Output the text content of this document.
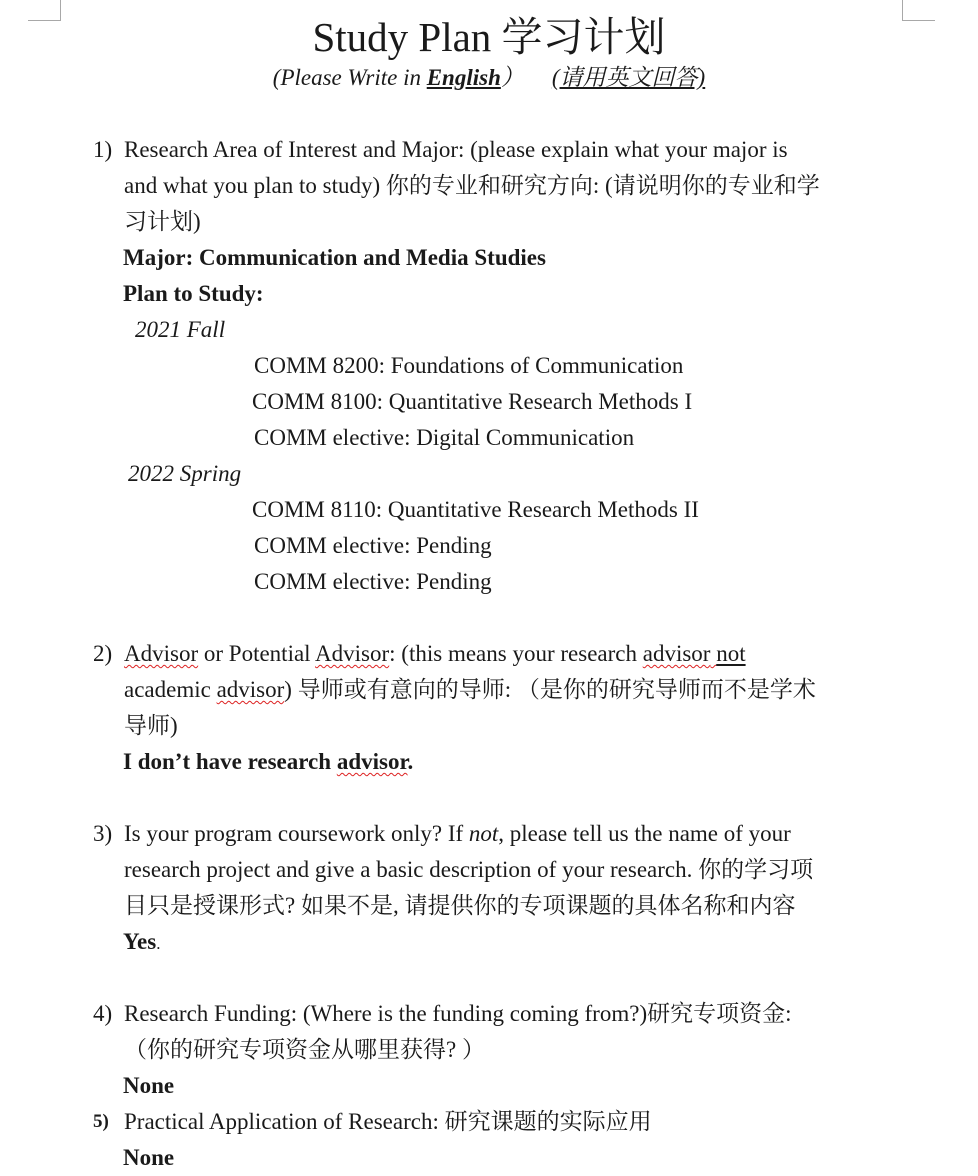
Study Plan 学习计划
(Please Write in English） (请用英文回答)
1) Research Area of Interest and Major: (please explain what your major is
and what you plan to study) 你的专业和研究方向: (请说明你的专业和学
习计划)
Major: Communication and Media Studies
Plan to Study:
2021 Fall
COMM 8200: Foundations of Communication
COMM 8100: Quantitative Research Methods I
COMM elective: Digital Communication
2022 Spring
COMM 8110: Quantitative Research Methods II
COMM elective: Pending
COMM elective: Pending
2) Advisor or Potential Advisor: (this means your research advisor not
academic advisor) 导师或有意向的导师: （是你的研究导师而不是学术
导师)
I don’t have research advisor.
3) Is your program coursework only? If not, please tell us the name of your
research project and give a basic description of your research. 你的学习项
目只是授课形式? 如果不是, 请提供你的专项课题的具体名称和内容
Yes.
4) Research Funding: (Where is the funding coming from?)研究专项资金:
（你的研究专项资金从哪里获得? ）
None
5) Practical Application of Research: 研究课题的实际应用
None
